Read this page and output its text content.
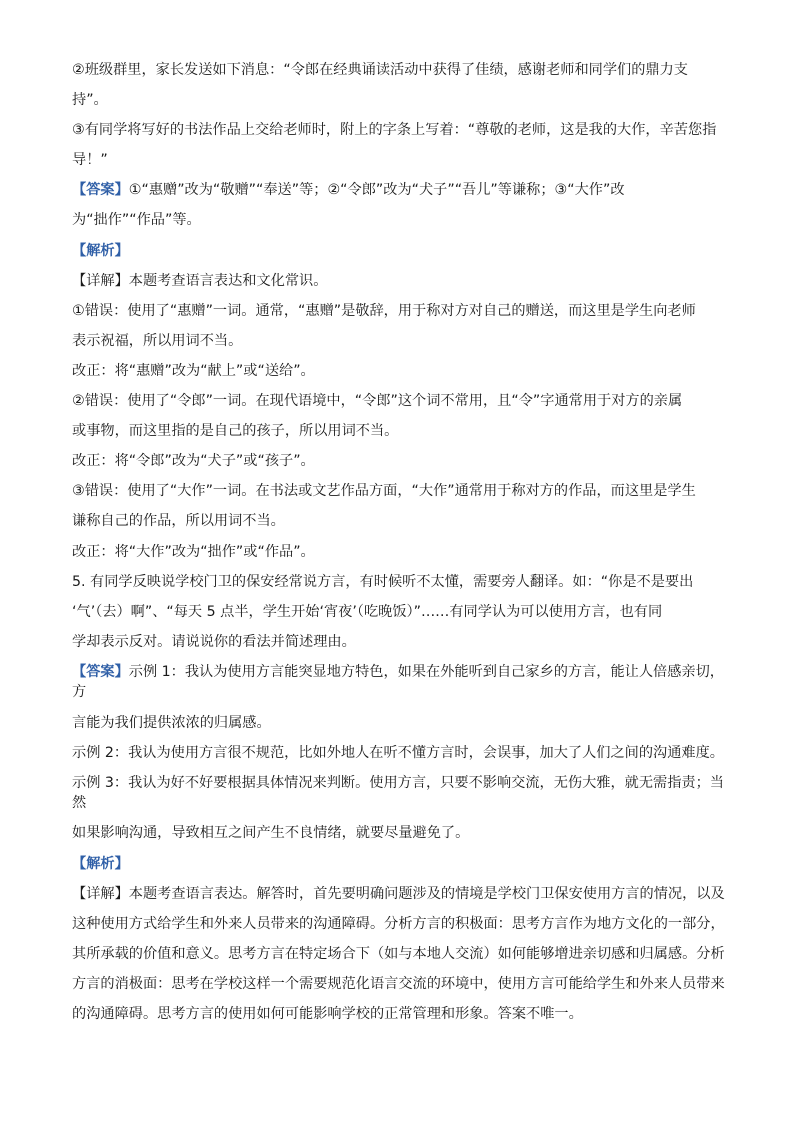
②班级群里，家长发送如下消息：“令郎在经典诵读活动中获得了佳绩，感谢老师和同学们的鼎力支
持”。
③有同学将写好的书法作品上交给老师时，附上的字条上写着：“尊敬的老师，这是我的大作，辛苦您指
导！”
【答案】①“惠赠”改为“敬赠”“奉送”等；②“令郎”改为“犬子”“吾儿”等谦称；③“大作”改
为“拙作”“作品”等。
【解析】
【详解】本题考查语言表达和文化常识。
①错误：使用了“惠赠”一词。通常，“惠赠”是敬辞，用于称对方对自己的赠送，而这里是学生向老师
表示祝福，所以用词不当。
改正：将“惠赠”改为“献上”或“送给”。
②错误：使用了“令郎”一词。在现代语境中，“令郎”这个词不常用，且“令”字通常用于对方的亲属
或事物，而这里指的是自己的孩子，所以用词不当。
改正：将“令郎”改为“犬子”或“孩子”。
③错误：使用了“大作”一词。在书法或文艺作品方面，“大作”通常用于称对方的作品，而这里是学生
谦称自己的作品，所以用词不当。
改正：将“大作”改为“拙作”或“作品”。
5. 有同学反映说学校门卫的保安经常说方言，有时候听不太懂，需要旁人翻译。如：“你是不是要出
‘气’（去）啊”、“每天 5 点半，学生开始‘宵夜’（吃晚饭）”……有同学认为可以使用方言，也有同
学却表示反对。请说说你的看法并简述理由。
【答案】示例 1：我认为使用方言能突显地方特色，如果在外能听到自己家乡的方言，能让人倍感亲切，方
言能为我们提供浓浓的归属感。
示例 2：我认为使用方言很不规范，比如外地人在听不懂方言时，会误事，加大了人们之间的沟通难度。
示例 3：我认为好不好要根据具体情况来判断。使用方言，只要不影响交流，无伤大雅，就无需指责；当然
如果影响沟通，导致相互之间产生不良情绪，就要尽量避免了。
【解析】
【详解】本题考查语言表达。解答时，首先要明确问题涉及的情境是学校门卫保安使用方言的情况，以及
这种使用方式给学生和外来人员带来的沟通障碍。分析方言的积极面：思考方言作为地方文化的一部分，
其所承载的价值和意义。思考方言在特定场合下（如与本地人交流）如何能够增进亲切感和归属感。分析
方言的消极面：思考在学校这样一个需要规范化语言交流的环境中，使用方言可能给学生和外来人员带来
的沟通障碍。思考方言的使用如何可能影响学校的正常管理和形象。答案不唯一。
